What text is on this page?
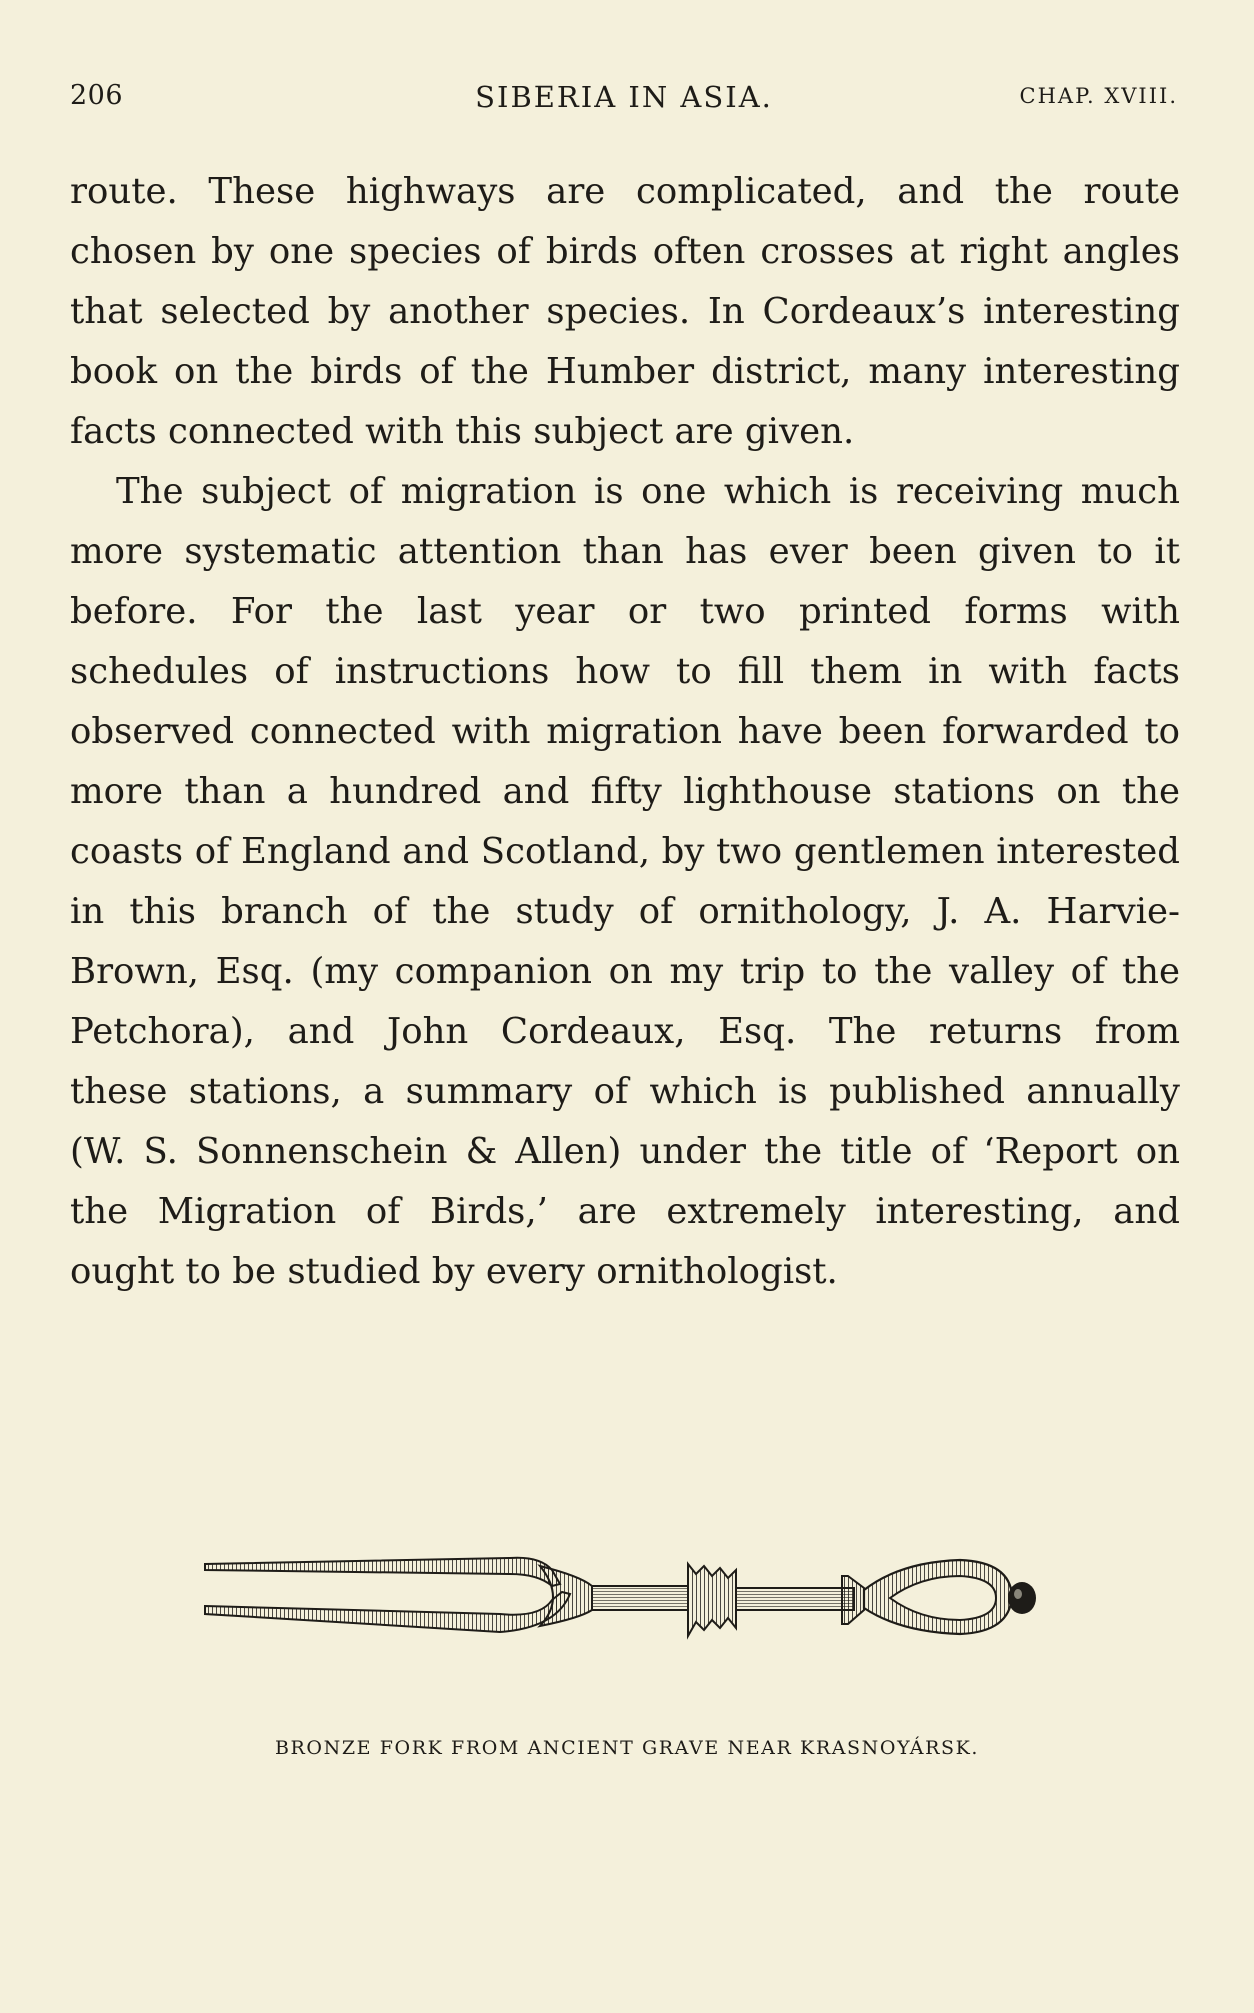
206	SIBERIA IN ASIA.	CHAP. XVIII.
route. These highways are complicated, and the route
chosen by one species of birds often crosses at right angles
that selected by another species. In Cordeaux’s interesting
book on the birds of the Humber district, many interesting
facts connected with this subject are given.
The subject of migration is one which is receiving much
more systematic attention than has ever been given to it
before. For the last year or two printed forms with
schedules of instructions how to fill them in with facts
observed connected with migration have been forwarded to
more than a hundred and fifty lighthouse stations on the
coasts of England and Scotland, by two gentlemen interested
in this branch of the study of ornithology, J. A. Harvie-
Brown, Esq. (my companion on my trip to the valley of the
Petchora), and John Cordeaux, Esq. The returns from
these stations, a summary of which is published annually
(W. S. Sonnenschein & Allen) under the title of ‘Report on
the Migration of Birds,’ are extremely interesting, and
ought to be studied by every ornithologist.
BRONZE FORK FROM ANCIENT GRAVE NEAR KRASNOYÁRSK.
